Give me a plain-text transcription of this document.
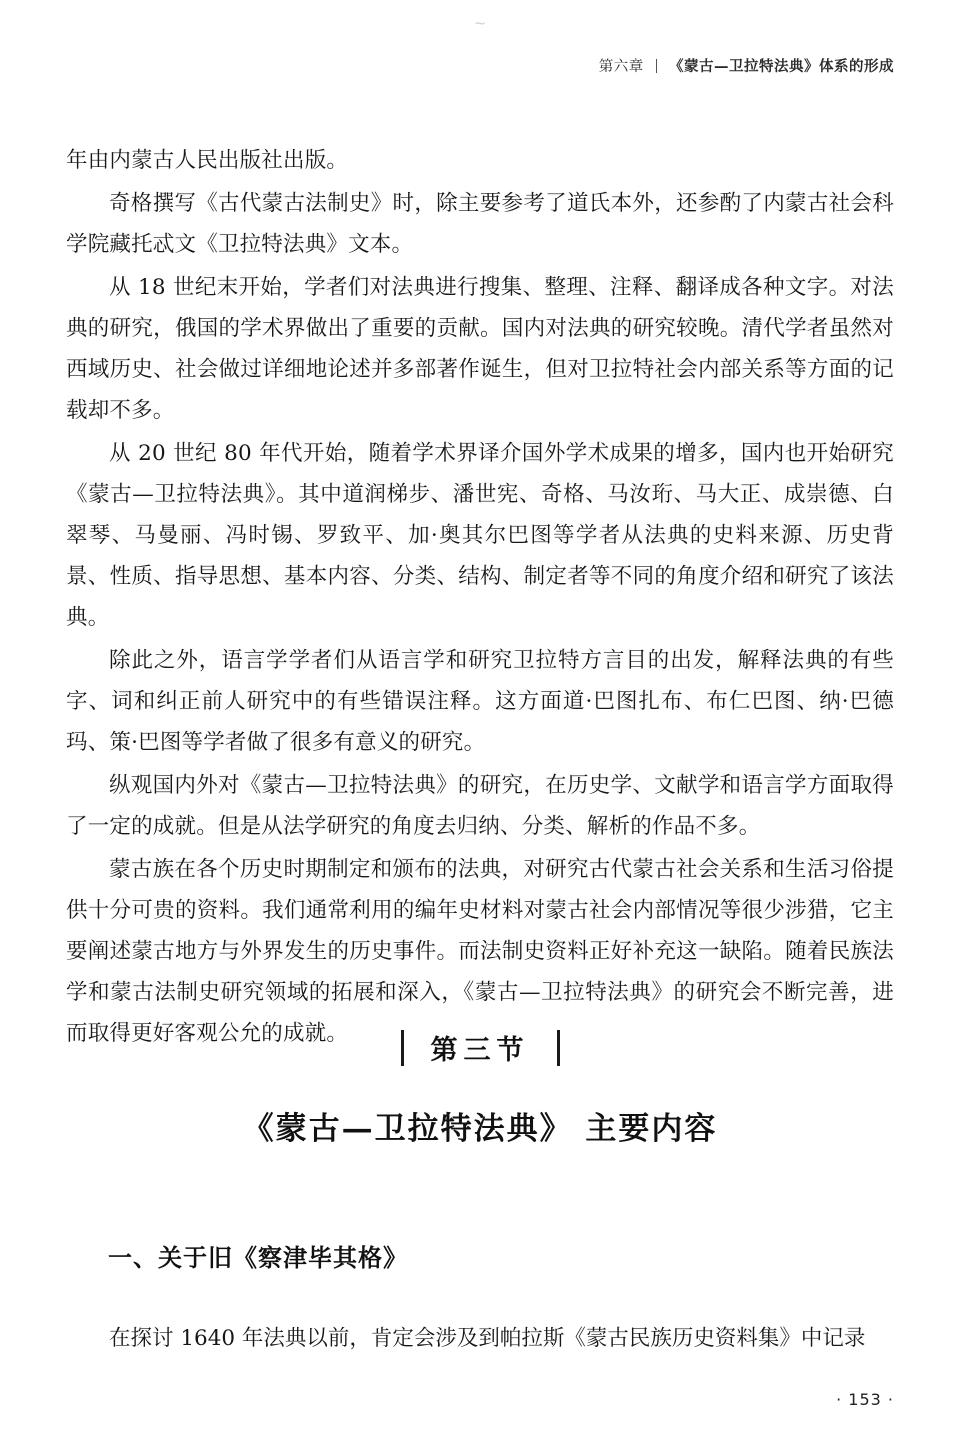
~
第六章 《蒙古—卫拉特法典》体系的形成

年由内蒙古人民出版社出版。

奇格撰写《古代蒙古法制史》时，除主要参考了道氏本外，还参酌了内蒙古社会科学院藏托忒文《卫拉特法典》文本。

从 18 世纪末开始，学者们对法典进行搜集、整理、注释、翻译成各种文字。对法典的研究，俄国的学术界做出了重要的贡献。国内对法典的研究较晚。清代学者虽然对西域历史、社会做过详细地论述并多部著作诞生，但对卫拉特社会内部关系等方面的记载却不多。

从 20 世纪 80 年代开始，随着学术界译介国外学术成果的增多，国内也开始研究《蒙古—卫拉特法典》。其中道润梯步、潘世宪、奇格、马汝珩、马大正、成崇德、白翠琴、马曼丽、冯时锡、罗致平、加·奥其尔巴图等学者从法典的史料来源、历史背景、性质、指导思想、基本内容、分类、结构、制定者等不同的角度介绍和研究了该法典。

除此之外，语言学学者们从语言学和研究卫拉特方言目的出发，解释法典的有些字、词和纠正前人研究中的有些错误注释。这方面道·巴图扎布、布仁巴图、纳·巴德玛、策·巴图等学者做了很多有意义的研究。

纵观国内外对《蒙古—卫拉特法典》的研究，在历史学、文献学和语言学方面取得了一定的成就。但是从法学研究的角度去归纳、分类、解析的作品不多。

蒙古族在各个历史时期制定和颁布的法典，对研究古代蒙古社会关系和生活习俗提供十分可贵的资料。我们通常利用的编年史材料对蒙古社会内部情况等很少涉猎，它主要阐述蒙古地方与外界发生的历史事件。而法制史资料正好补充这一缺陷。随着民族法学和蒙古法制史研究领域的拓展和深入，《蒙古—卫拉特法典》的研究会不断完善，进而取得更好客观公允的成就。

第三节
《蒙古—卫拉特法典》 主要内容
一、关于旧《察津毕其格》

在探讨 1640 年法典以前，肯定会涉及到帕拉斯《蒙古民族历史资料集》中记录

· 153 ·
